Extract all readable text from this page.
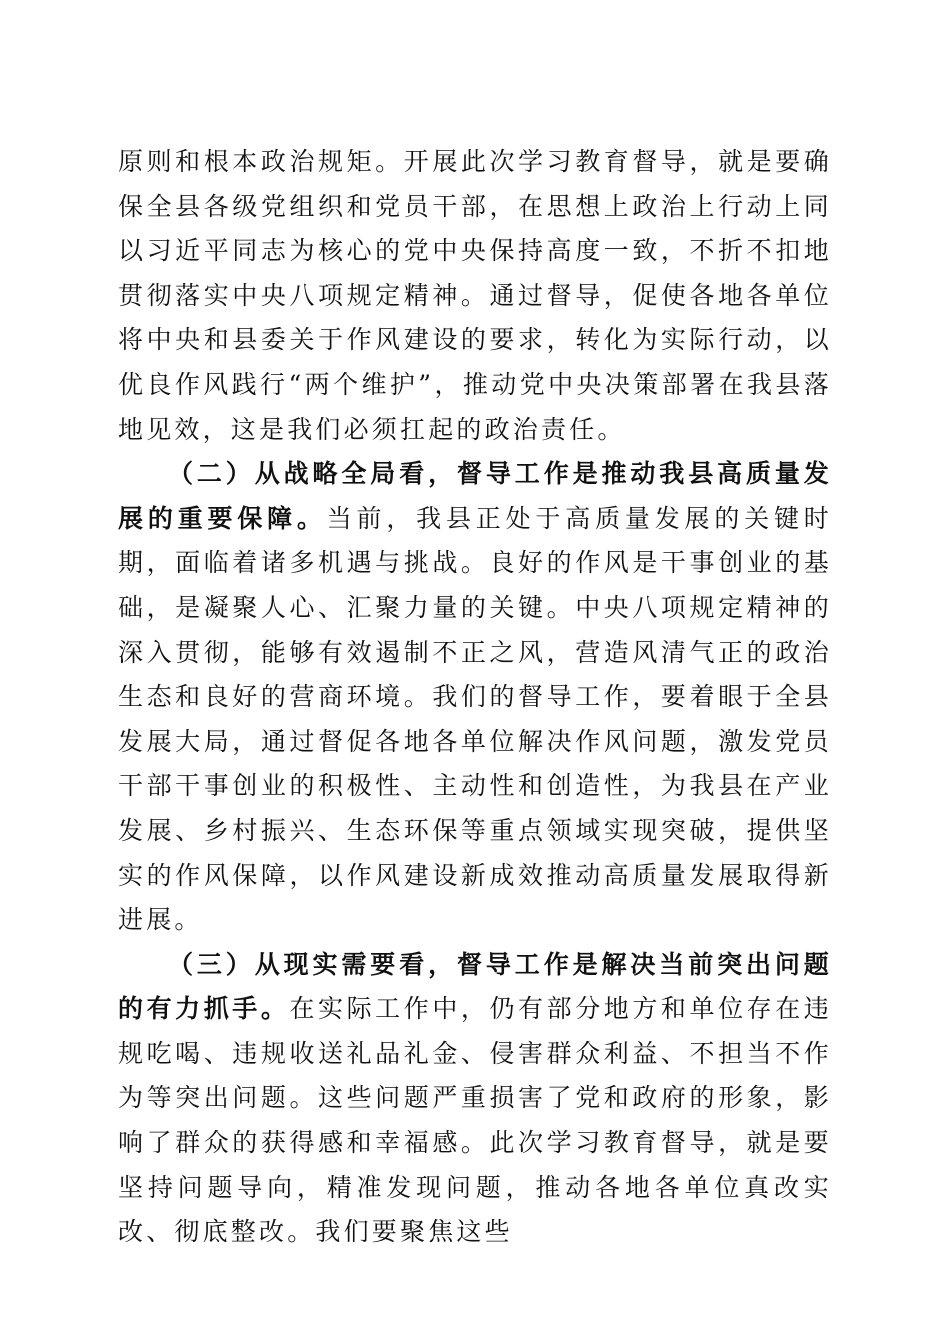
原则和根本政治规矩。开展此次学习教育督导，就是要确保全县各级党组织和党员干部，在思想上政治上行动上同以习近平同志为核心的党中央保持高度一致，不折不扣地贯彻落实中央八项规定精神。通过督导，促使各地各单位将中央和县委关于作风建设的要求，转化为实际行动，以优良作风践行“两个维护”，推动党中央决策部署在我县落地见效，这是我们必须扛起的政治责任。

（二）从战略全局看，督导工作是推动我县高质量发展的重要保障。当前，我县正处于高质量发展的关键时期，面临着诸多机遇与挑战。良好的作风是干事创业的基础，是凝聚人心、汇聚力量的关键。中央八项规定精神的深入贯彻，能够有效遏制不正之风，营造风清气正的政治生态和良好的营商环境。我们的督导工作，要着眼于全县发展大局，通过督促各地各单位解决作风问题，激发党员干部干事创业的积极性、主动性和创造性，为我县在产业发展、乡村振兴、生态环保等重点领域实现突破，提供坚实的作风保障，以作风建设新成效推动高质量发展取得新进展。

（三）从现实需要看，督导工作是解决当前突出问题的有力抓手。在实际工作中，仍有部分地方和单位存在违规吃喝、违规收送礼品礼金、侵害群众利益、不担当不作为等突出问题。这些问题严重损害了党和政府的形象，影响了群众的获得感和幸福感。此次学习教育督导，就是要坚持问题导向，精准发现问题，推动各地各单位真改实改、彻底整改。我们要聚焦这些
